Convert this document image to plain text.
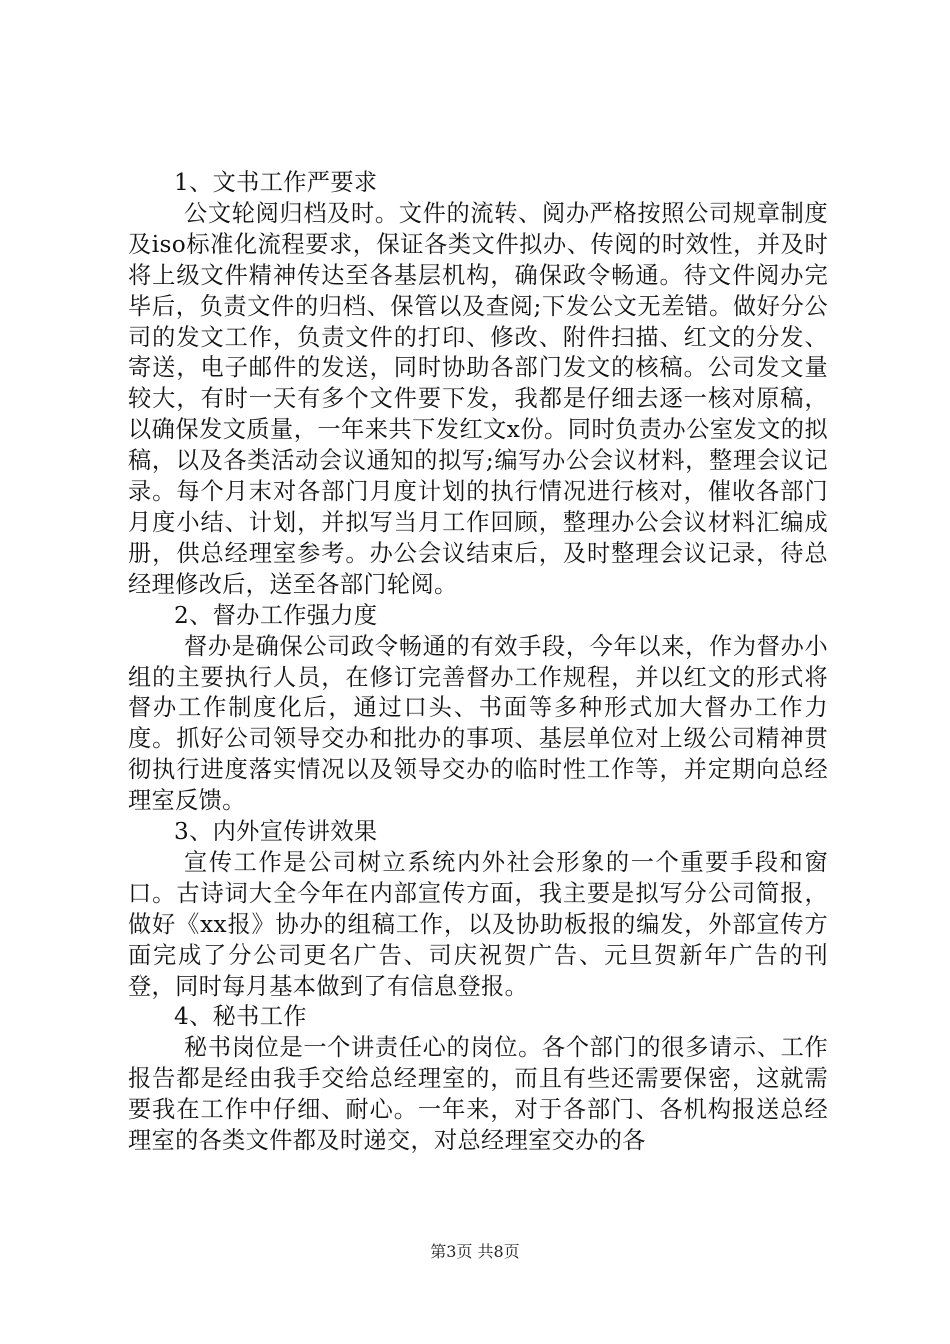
1、文书工作严要求

公文轮阅归档及时。文件的流转、阅办严格按照公司规章制度及iso标准化流程要求，保证各类文件拟办、传阅的时效性，并及时将上级文件精神传达至各基层机构，确保政令畅通。待文件阅办完毕后，负责文件的归档、保管以及查阅;下发公文无差错。做好分公司的发文工作，负责文件的打印、修改、附件扫描、红文的分发、寄送，电子邮件的发送，同时协助各部门发文的核稿。公司发文量较大，有时一天有多个文件要下发，我都是仔细去逐一核对原稿，以确保发文质量，一年来共下发红文x份。同时负责办公室发文的拟稿，以及各类活动会议通知的拟写;编写办公会议材料，整理会议记录。每个月末对各部门月度计划的执行情况进行核对，催收各部门月度小结、计划，并拟写当月工作回顾，整理办公会议材料汇编成册，供总经理室参考。办公会议结束后，及时整理会议记录，待总经理修改后，送至各部门轮阅。

2、督办工作强力度

督办是确保公司政令畅通的有效手段，今年以来，作为督办小组的主要执行人员，在修订完善督办工作规程，并以红文的形式将督办工作制度化后，通过口头、书面等多种形式加大督办工作力度。抓好公司领导交办和批办的事项、基层单位对上级公司精神贯彻执行进度落实情况以及领导交办的临时性工作等，并定期向总经理室反馈。

3、内外宣传讲效果

宣传工作是公司树立系统内外社会形象的一个重要手段和窗口。古诗词大全今年在内部宣传方面，我主要是拟写分公司简报，做好《xx报》协办的组稿工作，以及协助板报的编发，外部宣传方面完成了分公司更名广告、司庆祝贺广告、元旦贺新年广告的刊登，同时每月基本做到了有信息登报。

4、秘书工作

秘书岗位是一个讲责任心的岗位。各个部门的很多请示、工作报告都是经由我手交给总经理室的，而且有些还需要保密，这就需要我在工作中仔细、耐心。一年来，对于各部门、各机构报送总经理室的各类文件都及时递交，对总经理室交办的各

第3页 共8页
